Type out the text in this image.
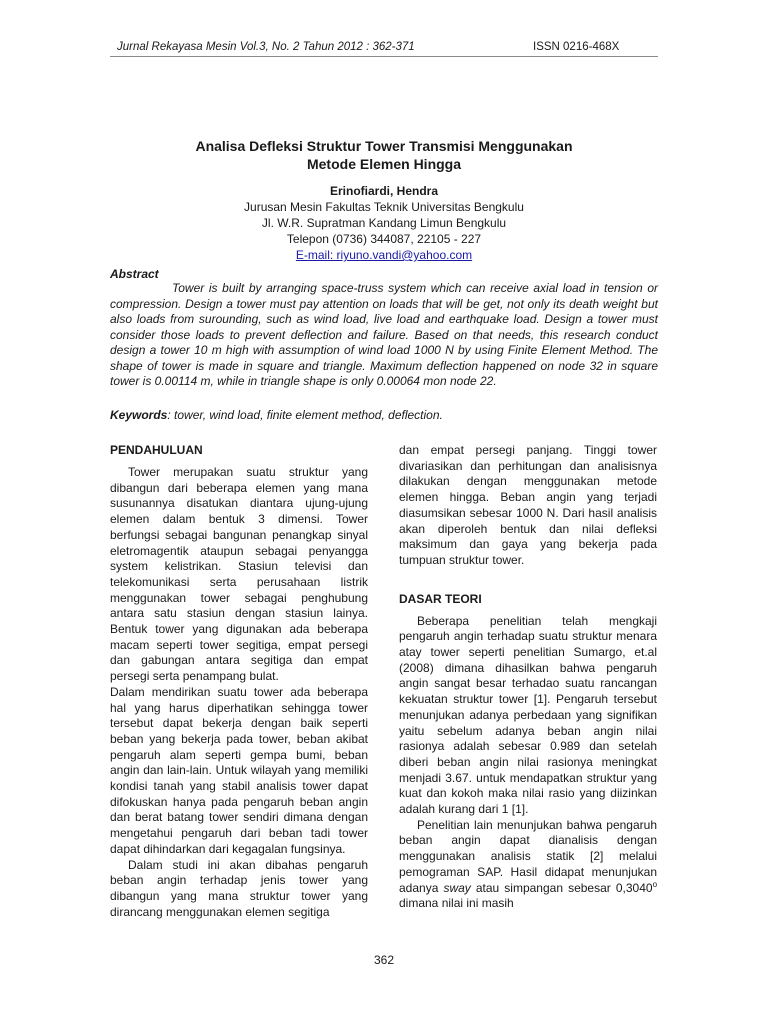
Jurnal Rekayasa Mesin Vol.3, No. 2 Tahun 2012 : 362-371	ISSN 0216-468X
Analisa Defleksi Struktur Tower Transmisi Menggunakan
Metode Elemen Hingga
Erinofiardi, Hendra
Jurusan Mesin Fakultas Teknik Universitas Bengkulu
Jl. W.R. Supratman Kandang Limun Bengkulu
Telepon (0736) 344087, 22105 - 227
E-mail: riyuno.vandi@yahoo.com
Abstract

Tower is built by arranging space-truss system which can receive axial load in tension or compression. Design a tower must pay attention on loads that will be get, not only its death weight but also loads from surounding, such as wind load, live load and earthquake load. Design a tower must consider those loads to prevent deflection and failure. Based on that needs, this research conduct design a tower 10 m high with assumption of wind load 1000 N by using Finite Element Method. The shape of tower is made in square and triangle. Maximum deflection happened on node 32 in square tower is 0.00114 m, while in triangle shape is only 0.00064 mon node 22.

Keywords: tower, wind load, finite element method, deflection.
PENDAHULUAN

Tower merupakan suatu struktur yang dibangun dari beberapa elemen yang mana susunannya disatukan diantara ujung-ujung elemen dalam bentuk 3 dimensi. Tower berfungsi sebagai bangunan penangkap sinyal eletromagentik ataupun sebagai penyangga system kelistrikan. Stasiun televisi dan telekomunikasi serta perusahaan listrik menggunakan tower sebagai penghubung antara satu stasiun dengan stasiun lainya. Bentuk tower yang digunakan ada beberapa macam seperti tower segitiga, empat persegi dan gabungan antara segitiga dan empat persegi serta penampang bulat.

Dalam mendirikan suatu tower ada beberapa hal yang harus diperhatikan sehingga tower tersebut dapat bekerja dengan baik seperti beban yang bekerja pada tower, beban akibat pengaruh alam seperti gempa bumi, beban angin dan lain-lain. Untuk wilayah yang memiliki kondisi tanah yang stabil analisis tower dapat difokuskan hanya pada pengaruh beban angin dan berat batang tower sendiri dimana dengan mengetahui pengaruh dari beban tadi tower dapat dihindarkan dari kegagalan fungsinya.

Dalam studi ini akan dibahas pengaruh beban angin terhadap jenis tower yang dibangun yang mana struktur tower yang dirancang menggunakan elemen segitiga

dan empat persegi panjang. Tinggi tower divariasikan dan perhitungan dan analisisnya dilakukan dengan menggunakan metode elemen hingga. Beban angin yang terjadi diasumsikan sebesar 1000 N. Dari hasil analisis akan diperoleh bentuk dan nilai defleksi maksimum dan gaya yang bekerja pada tumpuan struktur tower.

DASAR TEORI

Beberapa penelitian telah mengkaji pengaruh angin terhadap suatu struktur menara atay tower seperti penelitian Sumargo, et.al (2008) dimana dihasilkan bahwa pengaruh angin sangat besar terhadao suatu rancangan kekuatan struktur tower [1]. Pengaruh tersebut menunjukan adanya perbedaan yang signifikan yaitu sebelum adanya beban angin nilai rasionya adalah sebesar 0.989 dan setelah diberi beban angin nilai rasionya meningkat menjadi 3.67. untuk mendapatkan struktur yang kuat dan kokoh maka nilai rasio yang diizinkan adalah kurang dari 1 [1].

Penelitian lain menunjukan bahwa pengaruh beban angin dapat dianalisis dengan menggunakan analisis statik [2] melalui pemograman SAP. Hasil didapat menunjukan adanya sway atau simpangan sebesar 0,3040$^o$ dimana nilai ini masih

362
